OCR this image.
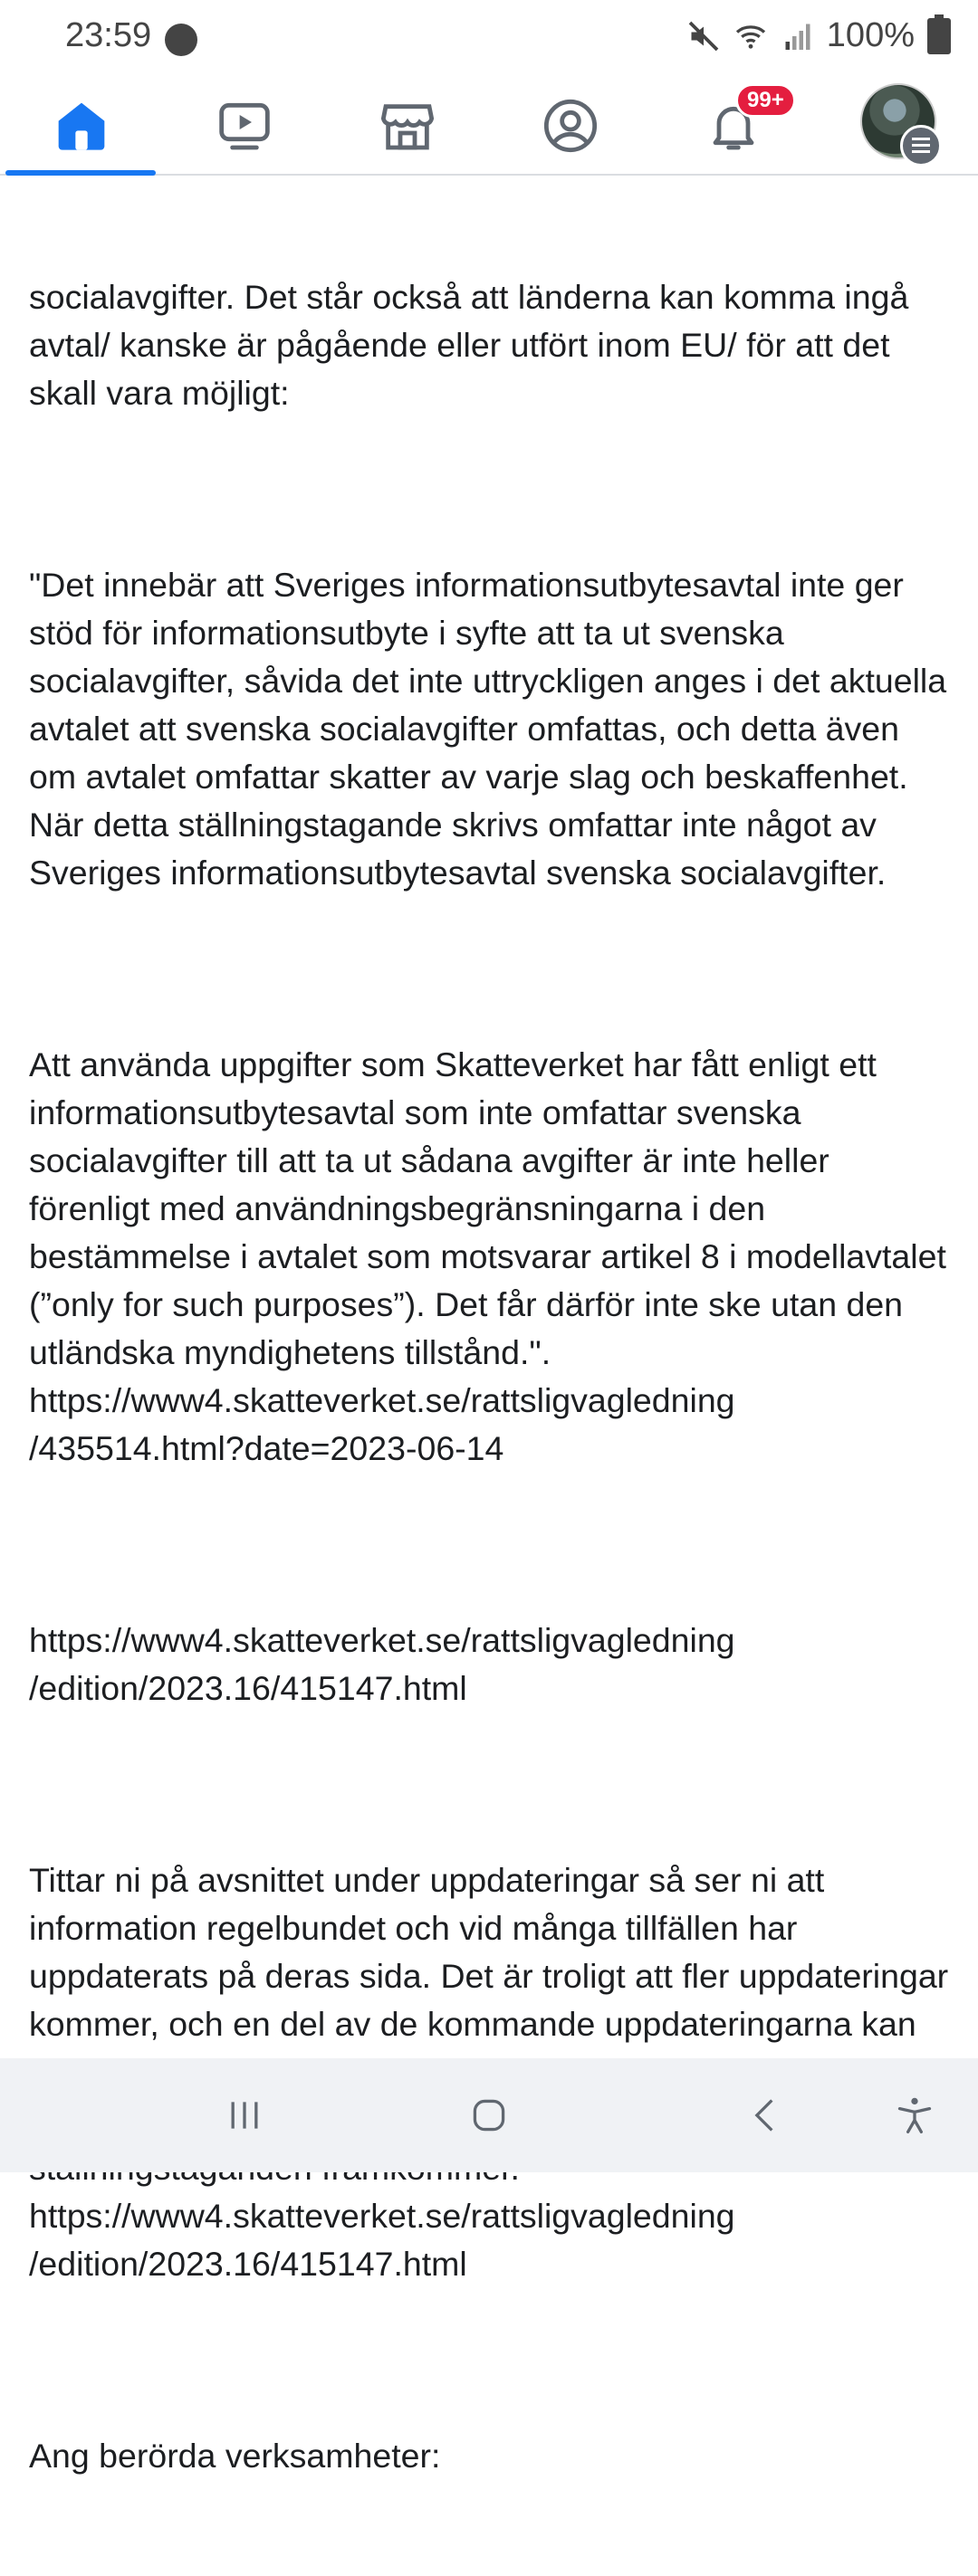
23:59	100%
99+

socialavgifter. Det står också att länderna kan komma ingå avtal/ kanske är pågående eller utfört inom EU/ för att det skall vara möjligt:

"Det innebär att Sveriges informationsutbytesavtal inte ger stöd för informationsutbyte i syfte att ta ut svenska socialavgifter, såvida det inte uttryckligen anges i det aktuella avtalet att svenska socialavgifter omfattas, och detta även om avtalet omfattar skatter av varje slag och beskaffenhet. När detta ställningstagande skrivs omfattar inte något av Sveriges informationsutbytesavtal svenska socialavgifter.

Att använda uppgifter som Skatteverket har fått enligt ett informationsutbytesavtal som inte omfattar svenska socialavgifter till att ta ut sådana avgifter är inte heller förenligt med användningsbegränsningarna i den bestämmelse i avtalet som motsvarar artikel 8 i modellavtalet (”only for such purposes”). Det får därför inte ske utan den utländska myndighetens tillstånd.".
https://www4.skatteverket.se/rattsligvagledning
/435514.html?date=2023-06-14

https://www4.skatteverket.se/rattsligvagledning
/edition/2023.16/415147.html

Tittar ni på avsnittet under uppdateringar så ser ni att information regelbundet och vid många tillfällen har uppdaterats på deras sida. Det är troligt att fler uppdateringar kommer, och en del av de kommande uppdateringarna kan
https://www4.skatteverket.se/rattsligvagledning
/edition/2023.16/415147.html

Ang berörda verksamheter:
